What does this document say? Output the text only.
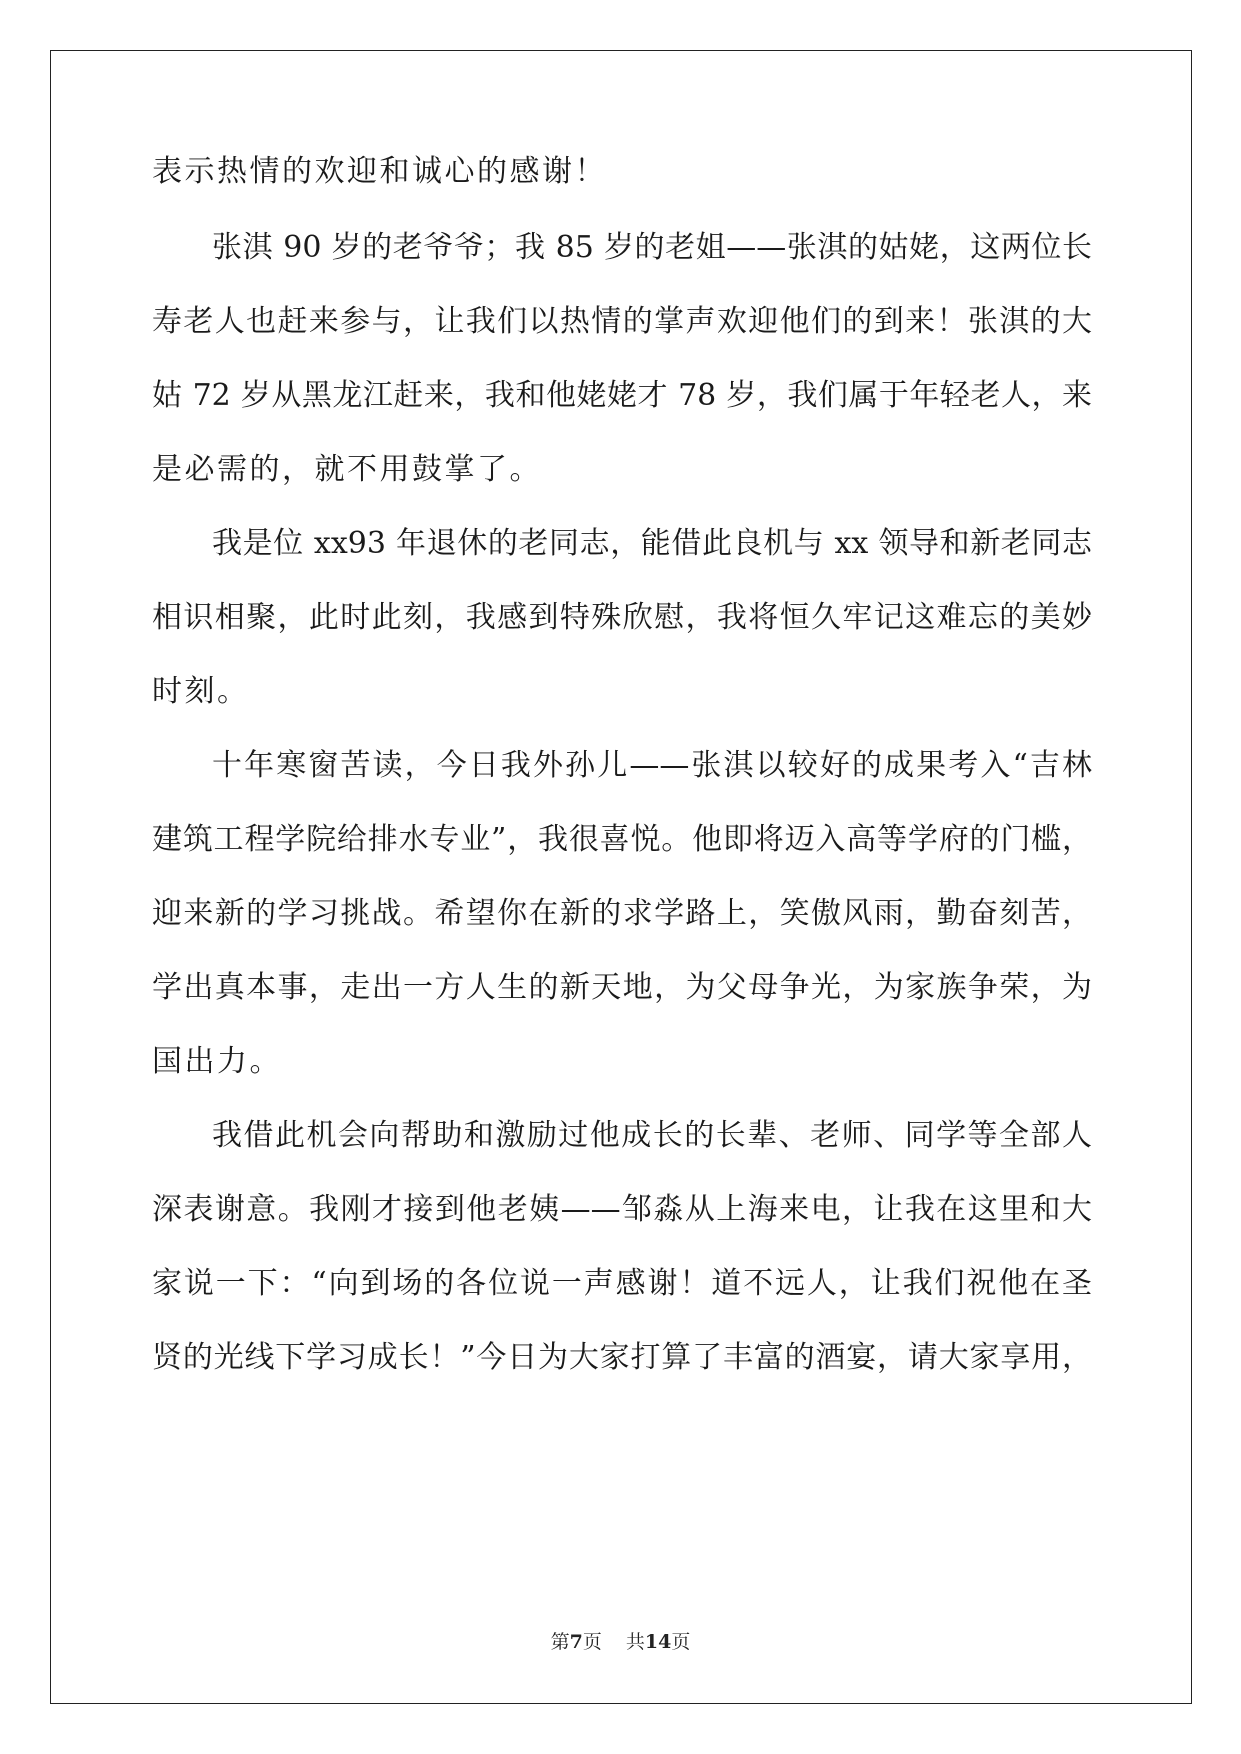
表示热情的欢迎和诚心的感谢！
张淇 90 岁的老爷爷；我 85 岁的老姐——张淇的姑姥，这两位长
寿老人也赶来参与，让我们以热情的掌声欢迎他们的到来！张淇的大
姑 72 岁从黑龙江赶来，我和他姥姥才 78 岁，我们属于年轻老人，来
是必需的，就不用鼓掌了。
我是位 xx93 年退休的老同志，能借此良机与 xx 领导和新老同志
相识相聚，此时此刻，我感到特殊欣慰，我将恒久牢记这难忘的美妙
时刻。
十年寒窗苦读，今日我外孙儿——张淇以较好的成果考入“吉林
建筑工程学院给排水专业”，我很喜悦。他即将迈入高等学府的门槛，
迎来新的学习挑战。希望你在新的求学路上，笑傲风雨，勤奋刻苦，
学出真本事，走出一方人生的新天地，为父母争光，为家族争荣，为
国出力。
我借此机会向帮助和激励过他成长的长辈、老师、同学等全部人
深表谢意。我刚才接到他老姨——邹淼从上海来电，让我在这里和大
家说一下：“向到场的各位说一声感谢！道不远人，让我们祝他在圣
贤的光线下学习成长！”今日为大家打算了丰富的酒宴，请大家享用，
第7页 共14页
